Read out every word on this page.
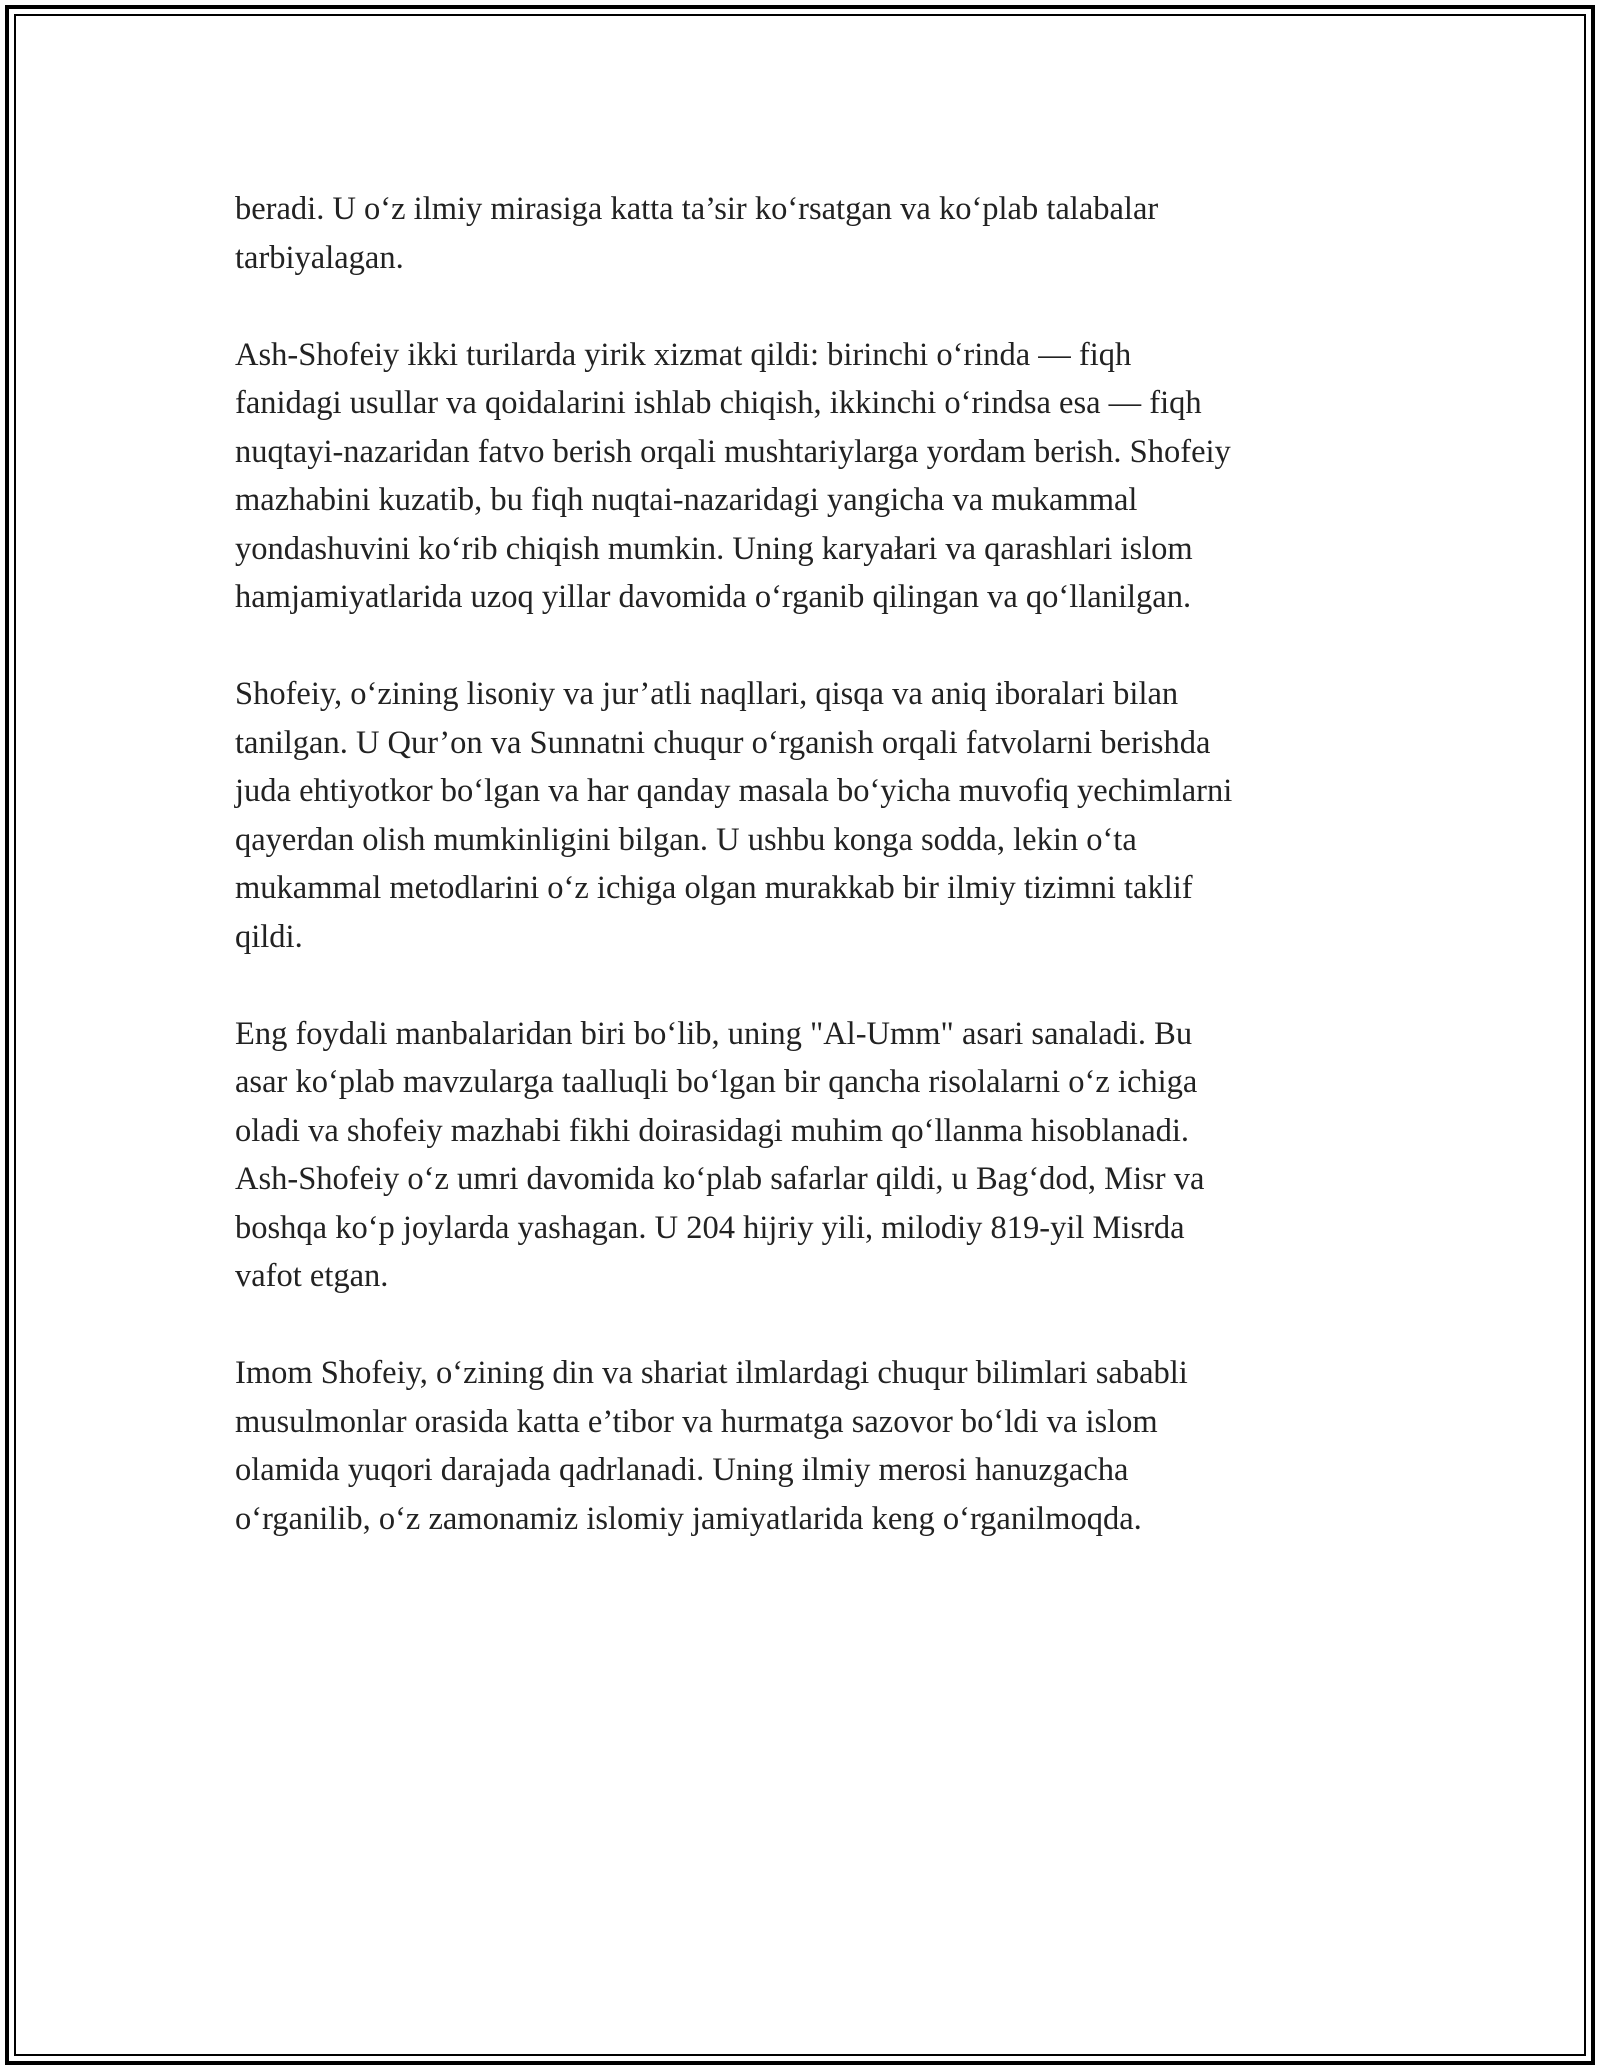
beradi. U o‘z ilmiy mirasiga katta ta’sir ko‘rsatgan va ko‘plab talabalar
tarbiyalagan.

Ash-Shofeiy ikki turilarda yirik xizmat qildi: birinchi o‘rinda — fiqh
fanidagi usullar va qoidalarini ishlab chiqish, ikkinchi o‘rindsa esa — fiqh
nuqtayi-nazaridan fatvo berish orqali mushtariylarga yordam berish. Shofeiy
mazhabini kuzatib, bu fiqh nuqtai-nazaridagi yangicha va mukammal
yondashuvini ko‘rib chiqish mumkin. Uning karyałari va qarashlari islom
hamjamiyatlarida uzoq yillar davomida o‘rganib qilingan va qo‘llanilgan.

Shofeiy, o‘zining lisoniy va jur’atli naqllari, qisqa va aniq iboralari bilan
tanilgan. U Qur’on va Sunnatni chuqur o‘rganish orqali fatvolarni berishda
juda ehtiyotkor bo‘lgan va har qanday masala bo‘yicha muvofiq yechimlarni
qayerdan olish mumkinligini bilgan. U ushbu konga sodda, lekin o‘ta
mukammal metodlarini o‘z ichiga olgan murakkab bir ilmiy tizimni taklif
qildi.

Eng foydali manbalaridan biri bo‘lib, uning "Al-Umm" asari sanaladi. Bu
asar ko‘plab mavzularga taalluqli bo‘lgan bir qancha risolalarni o‘z ichiga
oladi va shofeiy mazhabi fikhi doirasidagi muhim qo‘llanma hisoblanadi.
Ash-Shofeiy o‘z umri davomida ko‘plab safarlar qildi, u Bag‘dod, Misr va
boshqa ko‘p joylarda yashagan. U 204 hijriy yili, milodiy 819-yil Misrda
vafot etgan.

Imom Shofeiy, o‘zining din va shariat ilmlardagi chuqur bilimlari sababli
musulmonlar orasida katta e’tibor va hurmatga sazovor bo‘ldi va islom
olamida yuqori darajada qadrlanadi. Uning ilmiy merosi hanuzgacha
o‘rganilib, o‘z zamonamiz islomiy jamiyatlarida keng o‘rganilmoqda.
